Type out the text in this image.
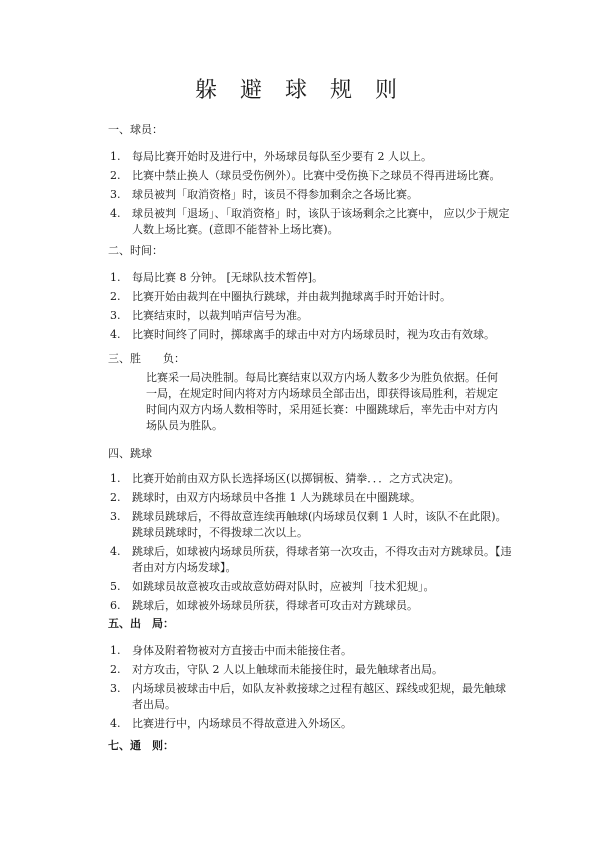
躲 避 球 规 则
一、球员：
1. 每局比赛开始时及进行中，外场球员每队至少要有 2 人以上。
2. 比赛中禁止换人（球员受伤例外）。比赛中受伤换下之球员不得再进场比赛。
3. 球员被判「取消资格」时，该员不得参加剩余之各场比赛。
4. 球员被判「退场」、「取消资格」时，该队于该场剩余之比赛中， 应以少于规定人数上场比赛。(意即不能替补上场比赛)。
二、时间：
1. 每局比赛 8 分钟。 [无球队技术暂停]。
2. 比赛开始由裁判在中圈执行跳球，并由裁判抛球离手时开始计时。
3. 比赛结束时，以裁判哨声信号为准。
4. 比赛时间终了同时，掷球离手的球击中对方内场球员时，视为攻击有效球。
三、胜　　负：
比赛采一局决胜制。每局比赛结束以双方内场人数多少为胜负依据。任何一局，在规定时间内将对方内场球员全部击出，即获得该局胜利，若规定时间内双方内场人数相等时，采用延长赛：中圈跳球后，率先击中对方内场队员为胜队。
四、跳球
1. 比赛开始前由双方队长选择场区(以掷铜板、猜拳．．．之方式决定)。
2. 跳球时，由双方内场球员中各推 1 人为跳球员在中圈跳球。
3. 跳球员跳球后，不得故意连续再触球(内场球员仅剩 1 人时，该队不在此限)。跳球员跳球时，不得拨球二次以上。
4. 跳球后，如球被内场球员所获，得球者第一次攻击，不得攻击对方跳球员。【违者由对方内场发球】。
5. 如跳球员故意被攻击或故意妨碍对队时，应被判「技术犯规」。
6. 跳球后，如球被外场球员所获，得球者可攻击对方跳球员。
五、出　局：
1. 身体及附着物被对方直接击中而未能接住者。
2. 对方攻击，守队 2 人以上触球而未能接住时，最先触球者出局。
3. 内场球员被球击中后，如队友补救接球之过程有越区、踩线或犯规，最先触球者出局。
4. 比赛进行中，内场球员不得故意进入外场区。
七、通　则：
